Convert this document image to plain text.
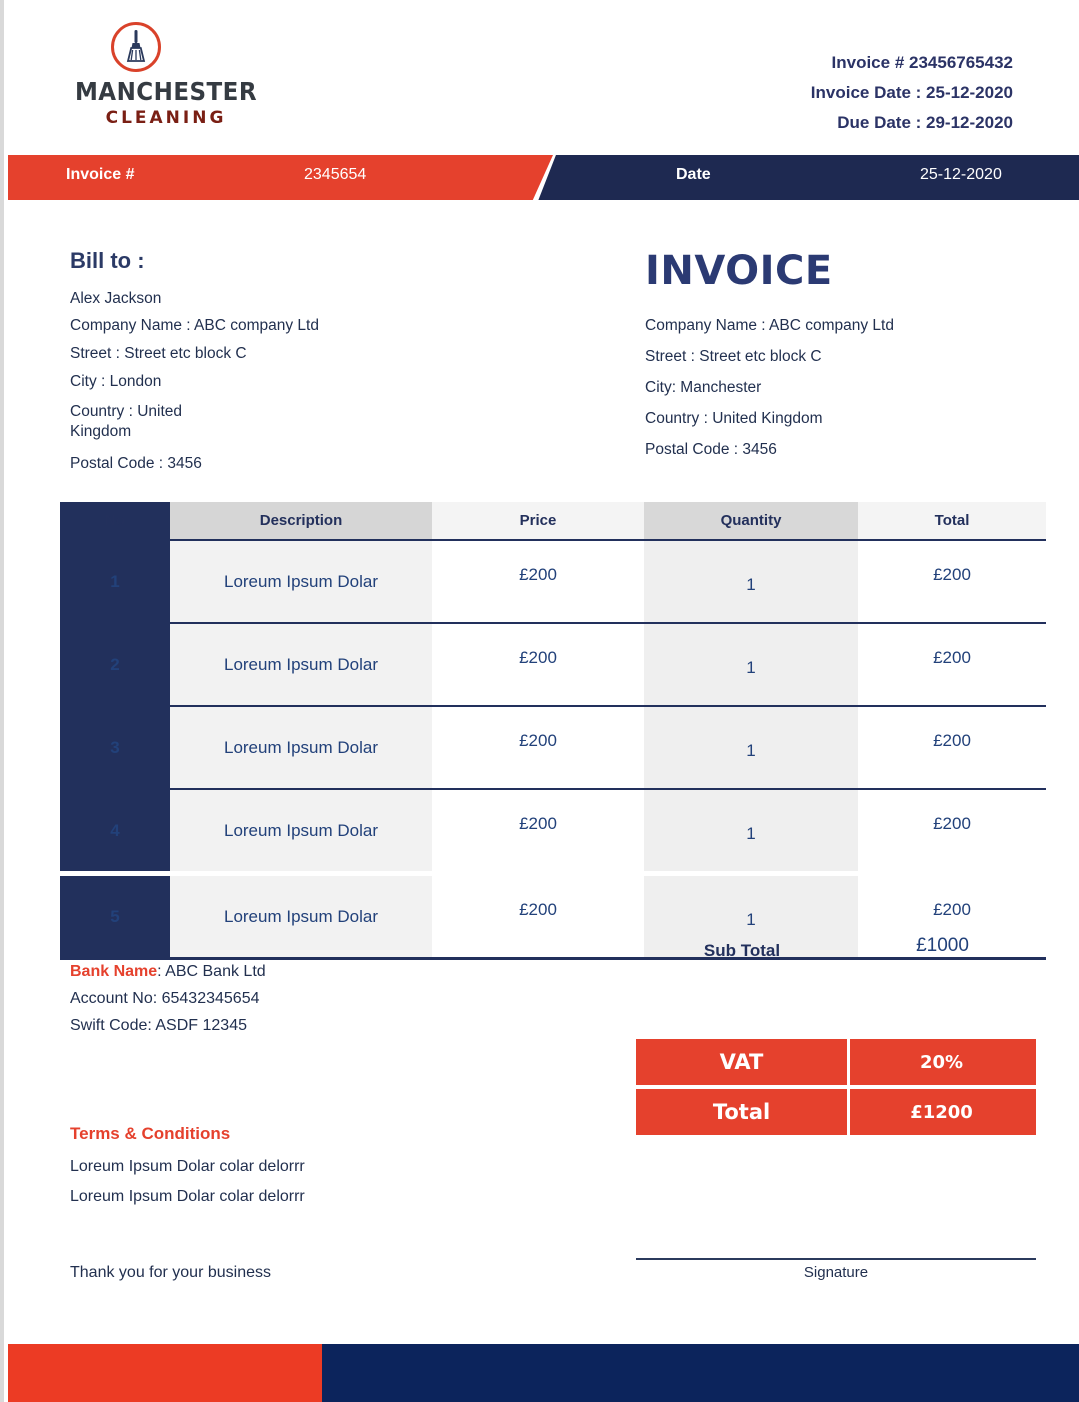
MANCHESTER
CLEANING
Invoice # 23456765432
Invoice Date : 25-12-2020
Due Date : 29-12-2020
Invoice #	2345654	Date	25-12-2020
Bill to :
Alex Jackson
Company Name : ABC company Ltd
Street : Street etc block C
City : London
Country : United Kingdom
Postal Code : 3456
INVOICE
Company Name : ABC company Ltd
Street : Street etc block C
City: Manchester
Country : United Kingdom
Postal Code : 3456
No	Description	Price	Quantity	Total
1	Loreum Ipsum Dolar	£200	1	£200
2	Loreum Ipsum Dolar	£200	1	£200
3	Loreum Ipsum Dolar	£200	1	£200
4	Loreum Ipsum Dolar	£200	1	£200
5	Loreum Ipsum Dolar	£200	1	£200
Bank Name: ABC Bank Ltd
Account No: 65432345654
Swift Code: ASDF 12345
Sub Total	£1000
VAT	20%
Total	£1200
Terms & Conditions
Loreum Ipsum Dolar colar delorrr
Loreum Ipsum Dolar colar delorrr
Thank you for your business	Signature
